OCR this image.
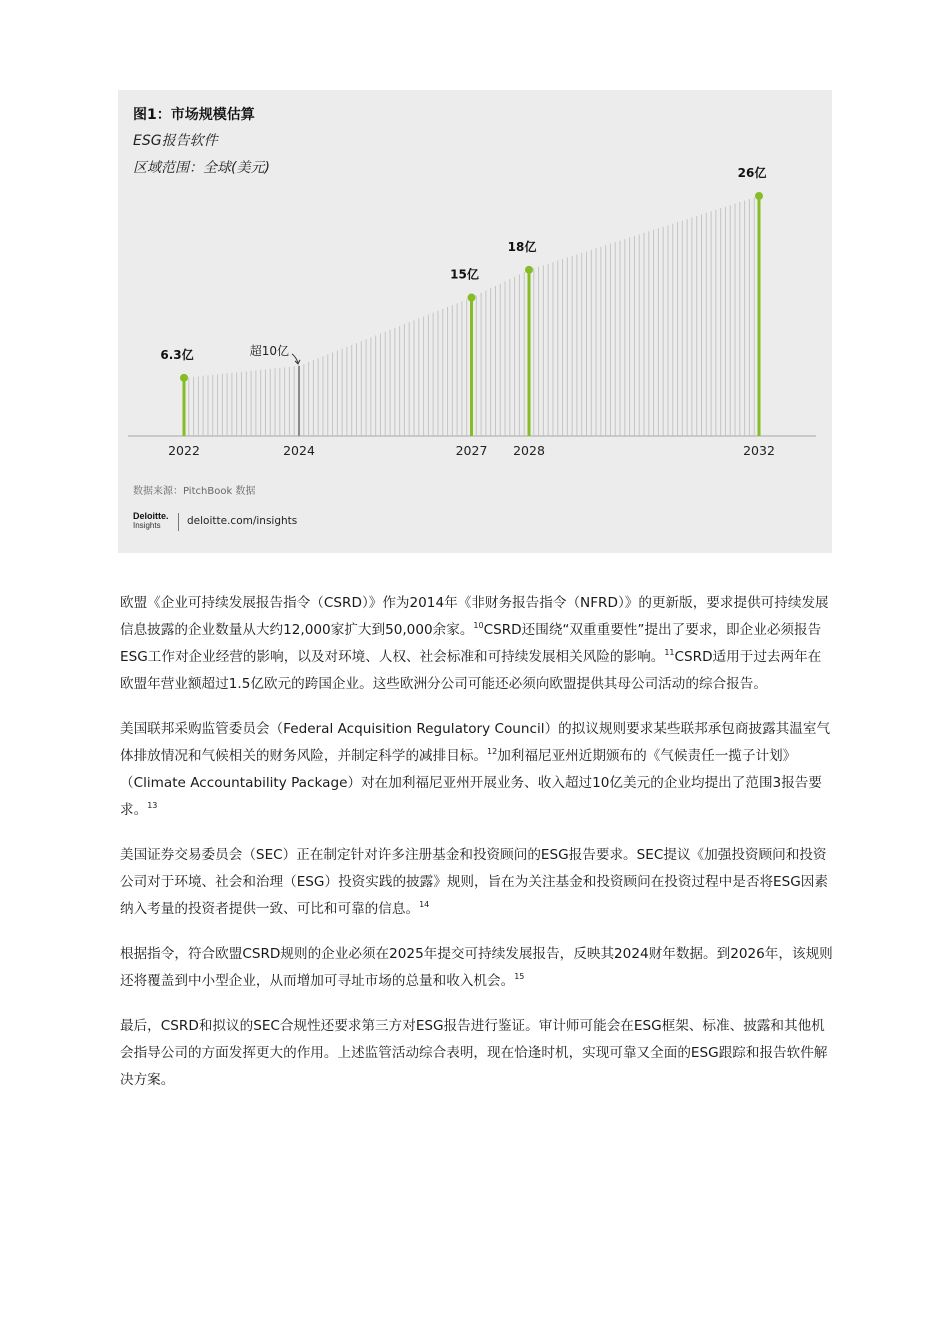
图1：市场规模估算
ESG报告软件
区域范围：全球(美元)
6.3亿
2022
超10亿
2024
15亿
2027
18亿
2028
26亿
2032
数据来源：PitchBook 数据
Deloitte.
Insights	deloitte.com/insights

欧盟《企业可持续发展报告指令（CSRD）》作为2014年《非财务报告指令（NFRD）》的更新版，要求提供可持续发展信息披露的企业数量从大约12,000家扩大到50,000余家。$^{10}$CSRD还围绕“双重重要性”提出了要求，即企业必须报告ESG工作对企业经营的影响，以及对环境、人权、社会标准和可持续发展相关风险的影响。$^{11}$CSRD适用于过去两年在欧盟年营业额超过1.5亿欧元的跨国企业。这些欧洲分公司可能还必须向欧盟提供其母公司活动的综合报告。

美国联邦采购监管委员会（Federal Acquisition Regulatory Council）的拟议规则要求某些联邦承包商披露其温室气体排放情况和气候相关的财务风险，并制定科学的减排目标。$^{12}$加利福尼亚州近期颁布的《气候责任一揽子计划》（Climate Accountability Package）对在加利福尼亚州开展业务、收入超过10亿美元的企业均提出了范围3报告要求。$^{13}$

美国证券交易委员会（SEC）正在制定针对许多注册基金和投资顾问的ESG报告要求。SEC提议《加强投资顾问和投资公司对于环境、社会和治理（ESG）投资实践的披露》规则，旨在为关注基金和投资顾问在投资过程中是否将ESG因素纳入考量的投资者提供一致、可比和可靠的信息。$^{14}$

根据指令，符合欧盟CSRD规则的企业必须在2025年提交可持续发展报告，反映其2024财年数据。到2026年，该规则还将覆盖到中小型企业，从而增加可寻址市场的总量和收入机会。$^{15}$

最后，CSRD和拟议的SEC合规性还要求第三方对ESG报告进行鉴证。审计师可能会在ESG框架、标准、披露和其他机会指导公司的方面发挥更大的作用。上述监管活动综合表明，现在恰逢时机，实现可靠又全面的ESG跟踪和报告软件解决方案。
